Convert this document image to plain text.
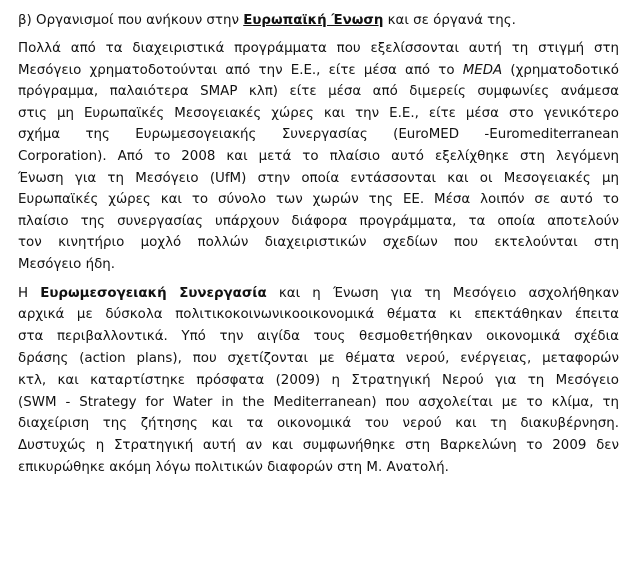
β) Οργανισμοί που ανήκουν στην Ευρωπαϊκή Ένωση και σε όργανά της.
Πολλά από τα διαχειριστικά προγράμματα που εξελίσσονται αυτή τη στιγμή στη
Μεσόγειο χρηματοδοτούνται από την Ε.Ε., είτε μέσα από το MEDA (χρηματοδοτικό
πρόγραμμα, παλαιότερα SMAP κλπ) είτε μέσα από διμερείς συμφωνίες ανάμεσα
στις μη Ευρωπαϊκές Μεσογειακές χώρες και την Ε.Ε., είτε μέσα στο γενικότερο
σχήμα της Ευρωμεσογειακής Συνεργασίας (EuroMED -Euromediterranean
Corporation). Από το 2008 και μετά το πλαίσιο αυτό εξελίχθηκε στη λεγόμενη
Ένωση για τη Μεσόγειο (UfM) στην οποία εντάσσονται και οι Μεσογειακές μη
Ευρωπαϊκές χώρες και το σύνολο των χωρών της ΕΕ. Μέσα λοιπόν σε αυτό το
πλαίσιο της συνεργασίας υπάρχουν διάφορα προγράμματα, τα οποία αποτελούν
τον κινητήριο μοχλό πολλών διαχειριστικών σχεδίων που εκτελούνται στη
Μεσόγειο ήδη.
Η Ευρωμεσογειακή Συνεργασία και η Ένωση για τη Μεσόγειο ασχολήθηκαν
αρχικά με δύσκολα πολιτικοκοινωνικοοικονομικά θέματα κι επεκτάθηκαν έπειτα
στα περιβαλλοντικά. Υπό την αιγίδα τους θεσμοθετήθηκαν οικονομικά σχέδια
δράσης (action plans), που σχετίζονται με θέματα νερού, ενέργειας, μεταφορών
κτλ, και καταρτίστηκε πρόσφατα (2009) η Στρατηγική Νερού για τη Μεσόγειο
(SWM - Strategy for Water in the Mediterranean) που ασχολείται με το κλίμα, τη
διαχείριση της ζήτησης και τα οικονομικά του νερού και τη διακυβέρνηση.
Δυστυχώς η Στρατηγική αυτή αν και συμφωνήθηκε στη Βαρκελώνη το 2009 δεν
επικυρώθηκε ακόμη λόγω πολιτικών διαφορών στη Μ. Ανατολή.
